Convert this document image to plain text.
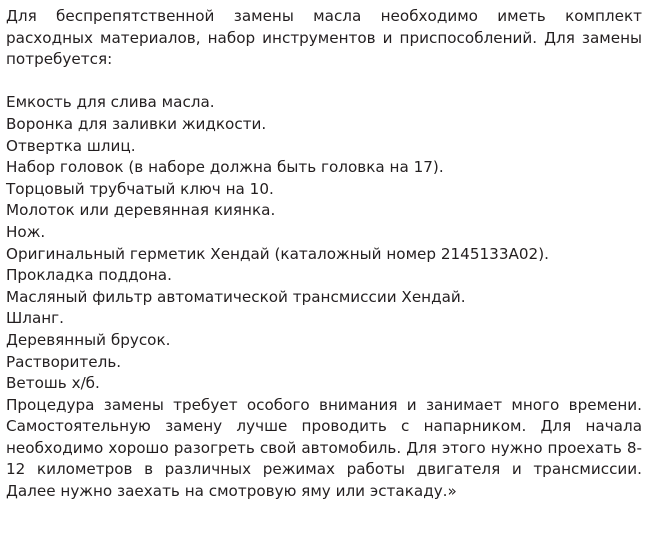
Для беспрепятственной замены масла необходимо иметь комплект расходных материалов, набор инструментов и приспособлений. Для замены потребуется:

Емкость для слива масла.

Воронка для заливки жидкости.

Отвертка шлиц.

Набор головок (в наборе должна быть головка на 17).

Торцовый трубчатый ключ на 10.

Молоток или деревянная киянка.

Нож.

Оригинальный герметик Хендай (каталожный номер 2145133А02).

Прокладка поддона.

Масляный фильтр автоматической трансмиссии Хендай.

Шланг.

Деревянный брусок.

Растворитель.

Ветошь х/б.

Процедура замены требует особого внимания и занимает много времени. Самостоятельную замену лучше проводить с напарником. Для начала необходимо хорошо разогреть свой автомобиль. Для этого нужно проехать 8-12 километров в различных режимах работы двигателя и трансмиссии. Далее нужно заехать на смотровую яму или эстакаду.»
